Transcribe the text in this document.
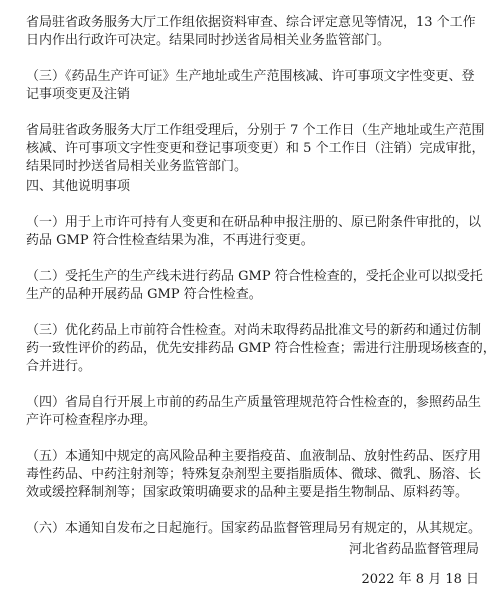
省局驻省政务服务大厅工作组依据资料审查、综合评定意见等情况，13 个工作
日内作出行政许可决定。结果同时抄送省局相关业务监管部门。
（三）《药品生产许可证》生产地址或生产范围核减、许可事项文字性变更、登
记事项变更及注销
省局驻省政务服务大厅工作组受理后，分别于 7 个工作日（生产地址或生产范围
核减、许可事项文字性变更和登记事项变更）和 5 个工作日（注销）完成审批，
结果同时抄送省局相关业务监管部门。
四、其他说明事项
（一）用于上市许可持有人变更和在研品种申报注册的、原已附条件审批的，以
药品 GMP 符合性检查结果为准，不再进行变更。
（二）受托生产的生产线未进行药品 GMP 符合性检查的，受托企业可以拟受托
生产的品种开展药品 GMP 符合性检查。
（三）优化药品上市前符合性检查。对尚未取得药品批准文号的新药和通过仿制
药一致性评价的药品，优先安排药品 GMP 符合性检查；需进行注册现场核查的，
合并进行。
（四）省局自行开展上市前的药品生产质量管理规范符合性检查的，参照药品生
产许可检查程序办理。
（五）本通知中规定的高风险品种主要指疫苗、血液制品、放射性药品、医疗用
毒性药品、中药注射剂等；特殊复杂剂型主要指脂质体、微球、微乳、肠溶、长
效或缓控释制剂等；国家政策明确要求的品种主要是指生物制品、原料药等。
（六）本通知自发布之日起施行。国家药品监督管理局另有规定的，从其规定。
河北省药品监督管理局
2022 年 8 月 18 日
